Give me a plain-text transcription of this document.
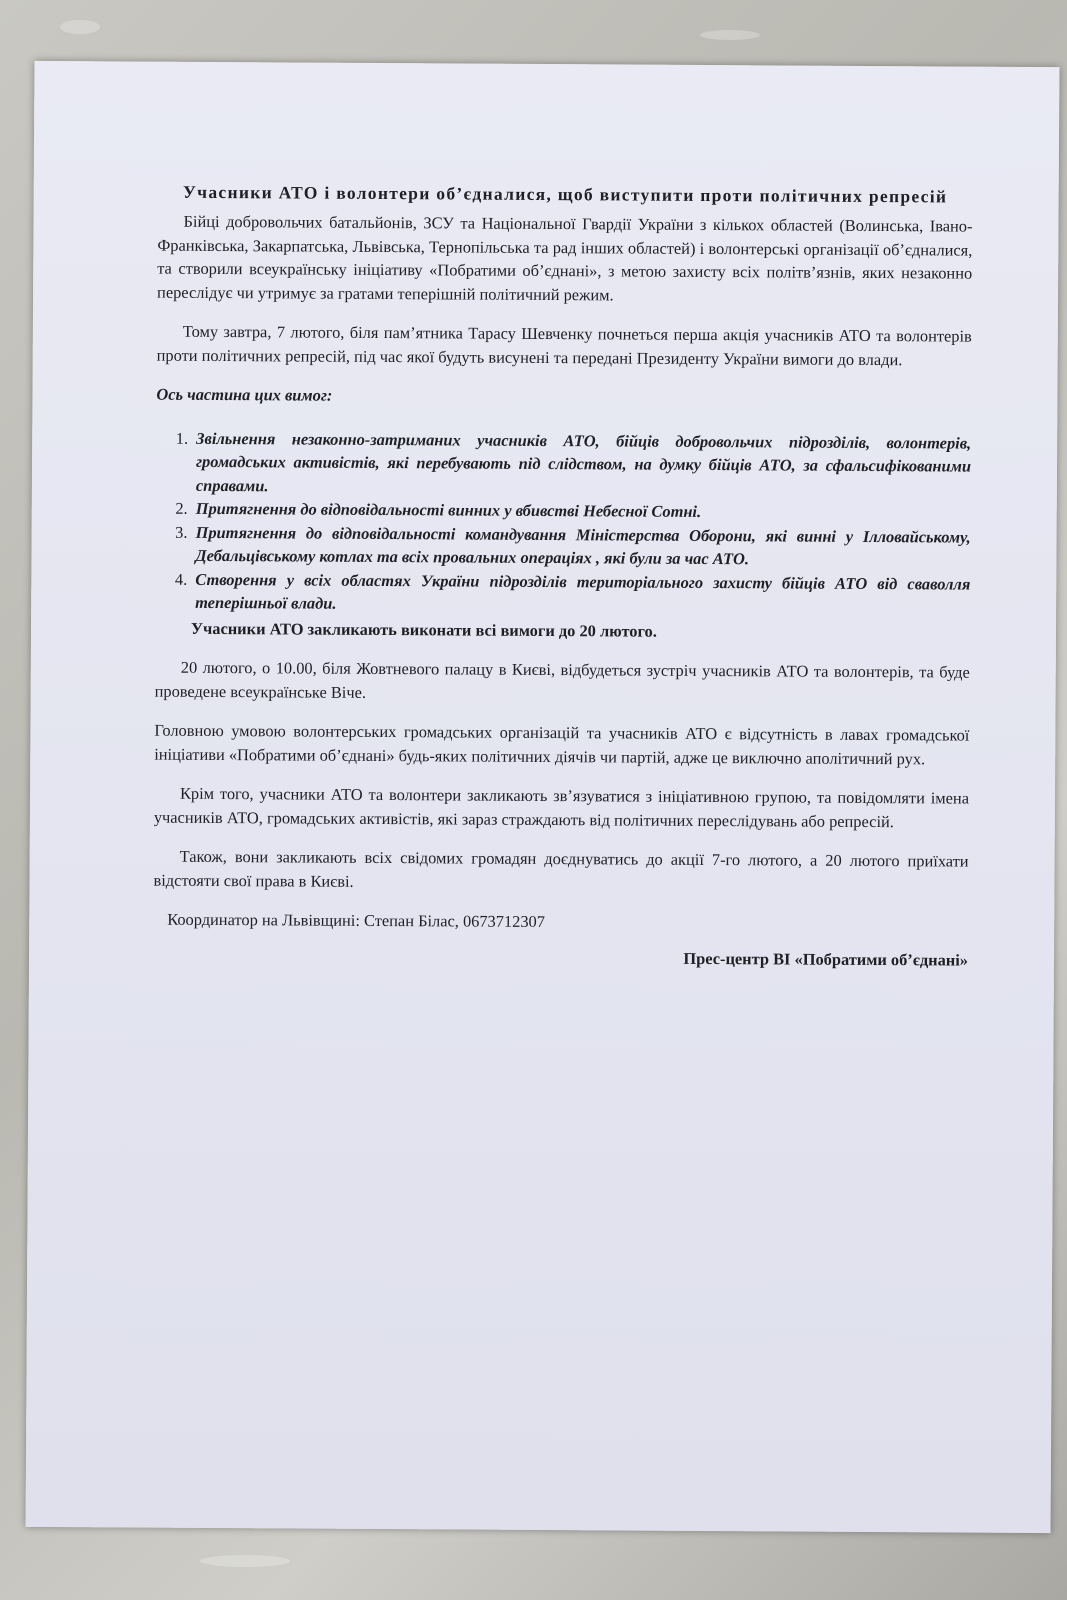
Учасники АТО і волонтери об’єдналися, щоб виступити проти політичних репресій

Бійці добровольчих батальйонів, ЗСУ та Національної Гвардії України з кількох областей (Волинська, Івано-Франківська, Закарпатська, Львівська, Тернопільська та рад інших областей) і волонтерські організації об’єдналися, та створили всеукраїнську ініціативу «Побратими об’єднані», з метою захисту всіх політв’язнів, яких незаконно переслідує чи утримує за гратами теперішній політичний режим.

Тому завтра, 7 лютого, біля пам’ятника Тарасу Шевченку почнеться перша акція учасників АТО та волонтерів проти політичних репресій, під час якої будуть висунені та передані Президенту України вимоги до влади.

Ось частина цих вимог:

1. Звільнення незаконно-затриманих учасників АТО, бійців добровольчих підрозділів, волонтерів, громадських активістів, які перебувають під слідством, на думку бійців АТО, за сфальсифікованими справами.
2. Притягнення до відповідальності винних у вбивстві Небесної Сотні.
3. Притягнення до відповідальності командування Міністерства Оборони, які винні у Ілловайському, Дебальцівському котлах та всіх провальних операціях , які були за час АТО.
4. Створення у всіх областях України підрозділів територіального захисту бійців АТО від сваволля теперішньої влади.

Учасники АТО закликають виконати всі вимоги до 20 лютого.

20 лютого, о 10.00, біля Жовтневого палацу в Києві, відбудеться зустріч учасників АТО та волонтерів, та буде проведене всеукраїнське Віче.

Головною умовою волонтерських громадських організацій та учасників АТО є відсутність в лавах громадської ініціативи «Побратими об’єднані» будь-яких політичних діячів чи партій, адже це виключно аполітичний рух.

Крім того, учасники АТО та волонтери закликають зв’язуватися з ініціативною групою, та повідомляти імена учасників АТО, громадських активістів, які зараз страждають від політичних переслідувань або репресій.

Також, вони закликають всіх свідомих громадян доєднуватись до акції 7-го лютого, а 20 лютого приїхати відстояти свої права в Києві.

Координатор на Львівщині: Степан Білас, 0673712307

Прес-центр ВІ «Побратими об’єднані»
